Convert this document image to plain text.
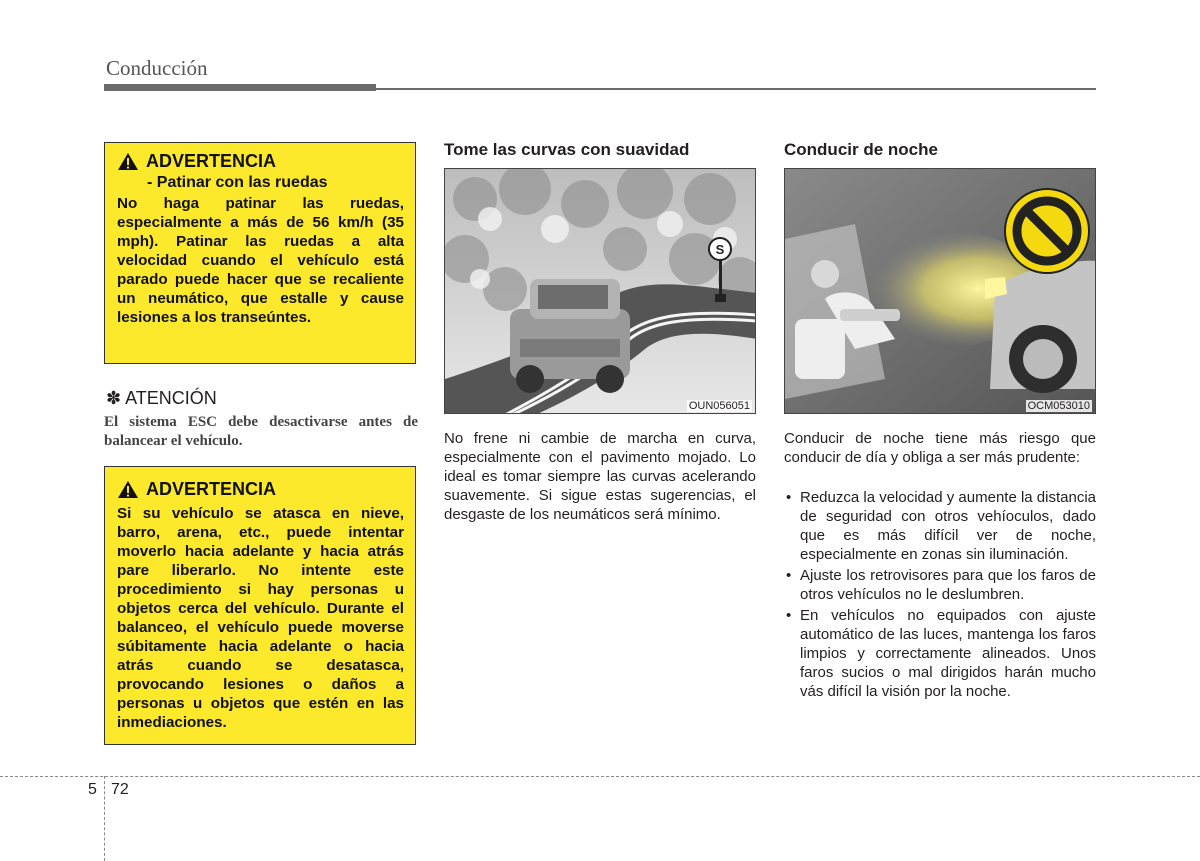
Conducción
ADVERTENCIA
- Patinar con las ruedas
No haga patinar las ruedas, especialmente a más de 56 km/h (35 mph). Patinar las ruedas a alta velocidad cuando el vehículo está parado puede hacer que se recaliente un neumático, que estalle y cause lesiones a los transeúntes.
✽ ATENCIÓN
El sistema ESC debe desactivarse antes de balancear el vehículo.
ADVERTENCIA
Si su vehículo se atasca en nieve, barro, arena, etc., puede intentar moverlo hacia adelante y hacia atrás pare liberarlo. No intente este procedimiento si hay personas u objetos cerca del vehículo. Durante el balanceo, el vehículo puede moverse súbitamente hacia adelante o hacia atrás cuando se desatasca, provocando lesiones o daños a personas u objetos que estén en las inmediaciones.
Tome las curvas con suavidad
S
OUN056051
No frene ni cambie de marcha en curva, especialmente con el pavimento mojado. Lo ideal es tomar siempre las curvas acelerando suavemente. Si sigue estas sugerencias, el desgaste de los neumáticos será mínimo.
Conducir de noche
OCM053010
Conducir de noche tiene más riesgo que conducir de día y obliga a ser más prudente:
• Reduzca la velocidad y aumente la distancia de seguridad con otros vehíoculos, dado que es más difícil ver de noche, especialmente en zonas sin iluminación.
• Ajuste los retrovisores para que los faros de otros vehículos no le deslumbren.
• En vehículos no equipados con ajuste automático de las luces, mantenga los faros limpios y correctamente alineados. Unos faros sucios o mal dirigidos harán mucho vás difícil la visión por la noche.
5 72
